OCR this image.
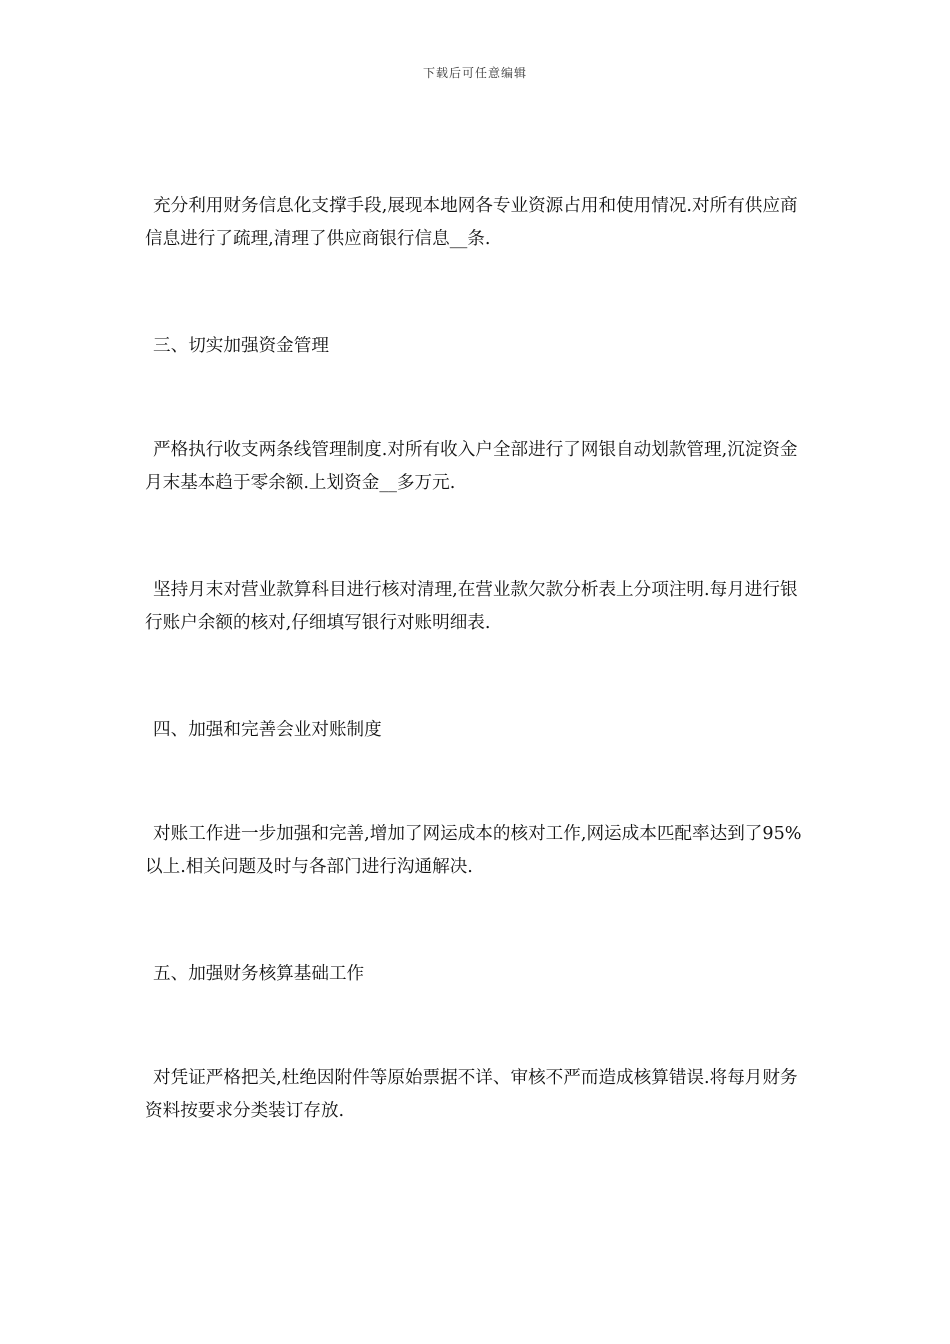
下载后可任意编辑

充分利用财务信息化支撑手段,展现本地网各专业资源占用和使用情况.对所有供应商信息进行了疏理,清理了供应商银行信息__条.

三、切实加强资金管理

严格执行收支两条线管理制度.对所有收入户全部进行了网银自动划款管理,沉淀资金月末基本趋于零余额.上划资金__多万元.

坚持月末对营业款算科目进行核对清理,在营业款欠款分析表上分项注明.每月进行银行账户余额的核对,仔细填写银行对账明细表.

四、加强和完善会业对账制度

对账工作进一步加强和完善,增加了网运成本的核对工作,网运成本匹配率达到了95%以上.相关问题及时与各部门进行沟通解决.

五、加强财务核算基础工作

对凭证严格把关,杜绝因附件等原始票据不详、审核不严而造成核算错误.将每月财务资料按要求分类装订存放.
